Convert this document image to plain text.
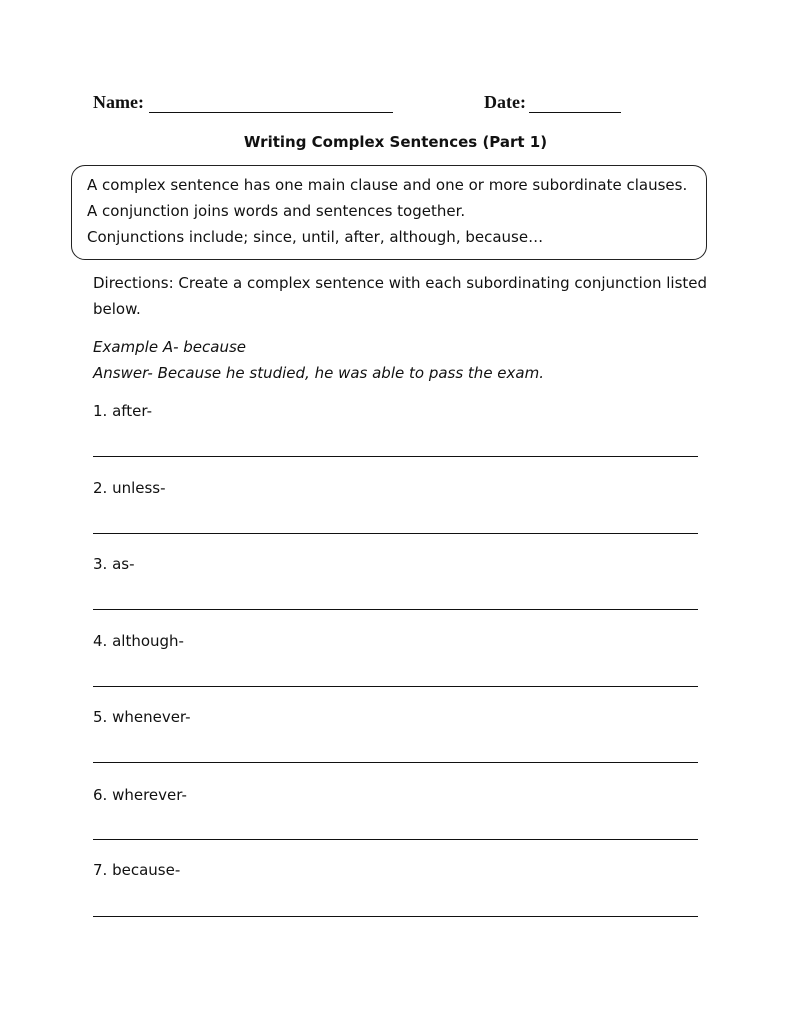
Name:	Date:
Writing Complex Sentences (Part 1)
A complex sentence has one main clause and one or more subordinate clauses.
A conjunction joins words and sentences together.
Conjunctions include; since, until, after, although, because…
Directions: Create a complex sentence with each subordinating conjunction listed
below.
Example A- because
Answer- Because he studied, he was able to pass the exam.
1. after-
2. unless-
3. as-
4. although-
5. whenever-
6. wherever-
7. because-
